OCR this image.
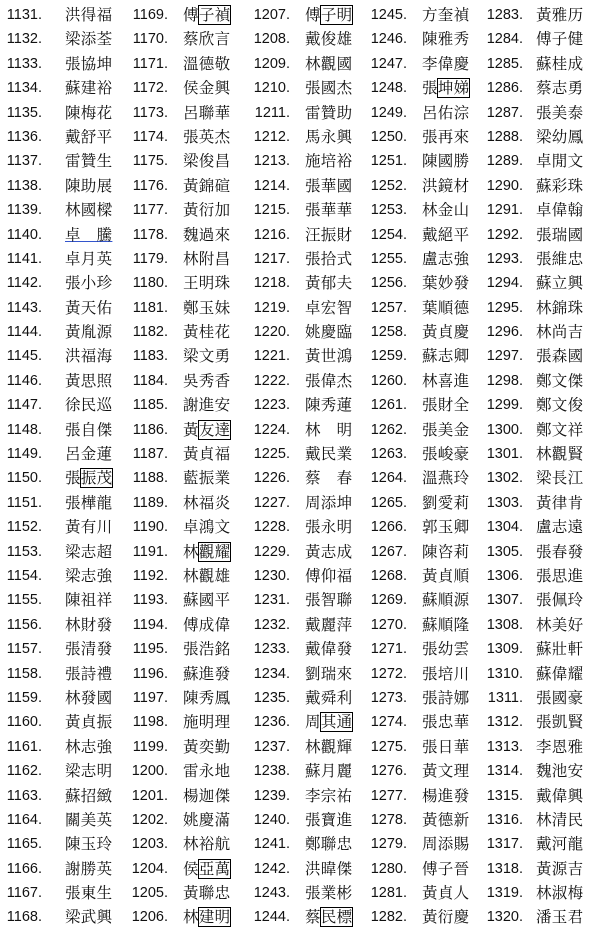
1131. 洪得福
1132. 梁添荃
1133. 張協坤
1134. 蘇建裕
1135. 陳梅花
1136. 戴舒平
1137. 雷贊生
1138. 陳助展
1139. 林國樑
1140. 卓　騰
1141. 卓月英
1142. 張小珍
1143. 黃天佑
1144. 黃胤源
1145. 洪福海
1146. 黃思照
1147. 徐民巡
1148. 張自傑
1149. 呂金蓮
1150. 張振茂
1151. 張樺龍
1152. 黃有川
1153. 梁志超
1154. 梁志強
1155. 陳祖祥
1156. 林財發
1157. 張清發
1158. 張詩禮
1159. 林發國
1160. 黃貞振
1161. 林志強
1162. 梁志明
1163. 蘇招緻
1164. 關美英
1165. 陳玉玲
1166. 謝勝英
1167. 張東生
1168. 梁武興
1169. 傅子禎
1170. 蔡欣言
1171. 溫德敬
1172. 侯金興
1173. 呂聯華
1174. 張英杰
1175. 梁俊昌
1176. 黃錦碹
1177. 黃衍加
1178. 魏過來
1179. 林附昌
1180. 王明珠
1181. 鄭玉妹
1182. 黃桂花
1183. 梁文勇
1184. 吳秀香
1185. 謝進安
1186. 黃友達
1187. 黃貞福
1188. 藍振業
1189. 林福炎
1190. 卓鴻文
1191. 林觀耀
1192. 林觀雄
1193. 蘇國平
1194. 傅成偉
1195. 張浩銘
1196. 蘇進發
1197. 陳秀鳳
1198. 施明理
1199. 黃奕勤
1200. 雷永地
1201. 楊迦傑
1202. 姚慶滿
1203. 林裕航
1204. 侯亞萬
1205. 黃聯忠
1206. 林建明
1207. 傅子明
1208. 戴俊雄
1209. 林觀國
1210. 張國杰
1211. 雷贊助
1212. 馬永興
1213. 施培裕
1214. 張華國
1215. 張華華
1216. 汪振財
1217. 張拾式
1218. 黃郁夫
1219. 卓宏智
1220. 姚慶臨
1221. 黃世鴻
1222. 張偉杰
1223. 陳秀蓮
1224. 林　明
1225. 戴民業
1226. 蔡　春
1227. 周添坤
1228. 張永明
1229. 黃志成
1230. 傅仰福
1231. 張智聯
1232. 戴麗萍
1233. 戴偉發
1234. 劉瑞來
1235. 戴舜利
1236. 周其通
1237. 林觀輝
1238. 蘇月麗
1239. 李宗祐
1240. 張寶進
1241. 鄭聯忠
1242. 洪暐傑
1243. 張業彬
1244. 蔡民標
1245. 方奎禎
1246. 陳雅秀
1247. 李偉慶
1248. 張坤娣
1249. 呂佑淙
1250. 張再來
1251. 陳國勝
1252. 洪鏡材
1253. 林金山
1254. 戴絕平
1255. 盧志強
1256. 葉妙發
1257. 葉順德
1258. 黃貞慶
1259. 蘇志卿
1260. 林喜進
1261. 張財全
1262. 張美金
1263. 張峻豪
1264. 溫燕玲
1265. 劉愛莉
1266. 郭玉卿
1267. 陳咨莉
1268. 黃貞順
1269. 蘇順源
1270. 蘇順隆
1271. 張幼雲
1272. 張培川
1273. 張詩娜
1274. 張忠華
1275. 張日華
1276. 黃文理
1277. 楊進發
1278. 黃德新
1279. 周添賜
1280. 傅子晉
1281. 黃貞人
1282. 黃衍慶
1283. 黃雅历
1284. 傅子健
1285. 蘇桂成
1286. 蔡志勇
1287. 張美泰
1288. 梁幼鳳
1289. 卓閒文
1290. 蘇彩珠
1291. 卓偉翰
1292. 張瑞國
1293. 張維忠
1294. 蘇立興
1295. 林錦珠
1296. 林尚吉
1297. 張森國
1298. 鄭文傑
1299. 鄭文俊
1300. 鄭文祥
1301. 林觀賢
1302. 梁長江
1303. 黃律肯
1304. 盧志遠
1305. 張春發
1306. 張思進
1307. 張佩玲
1308. 林美好
1309. 蘇壯軒
1310. 蘇偉耀
1311. 張國豪
1312. 張凱賢
1313. 李恩雅
1314. 魏池安
1315. 戴偉興
1316. 林清民
1317. 戴河龍
1318. 黃源吉
1319. 林淑梅
1320. 潘玉君
